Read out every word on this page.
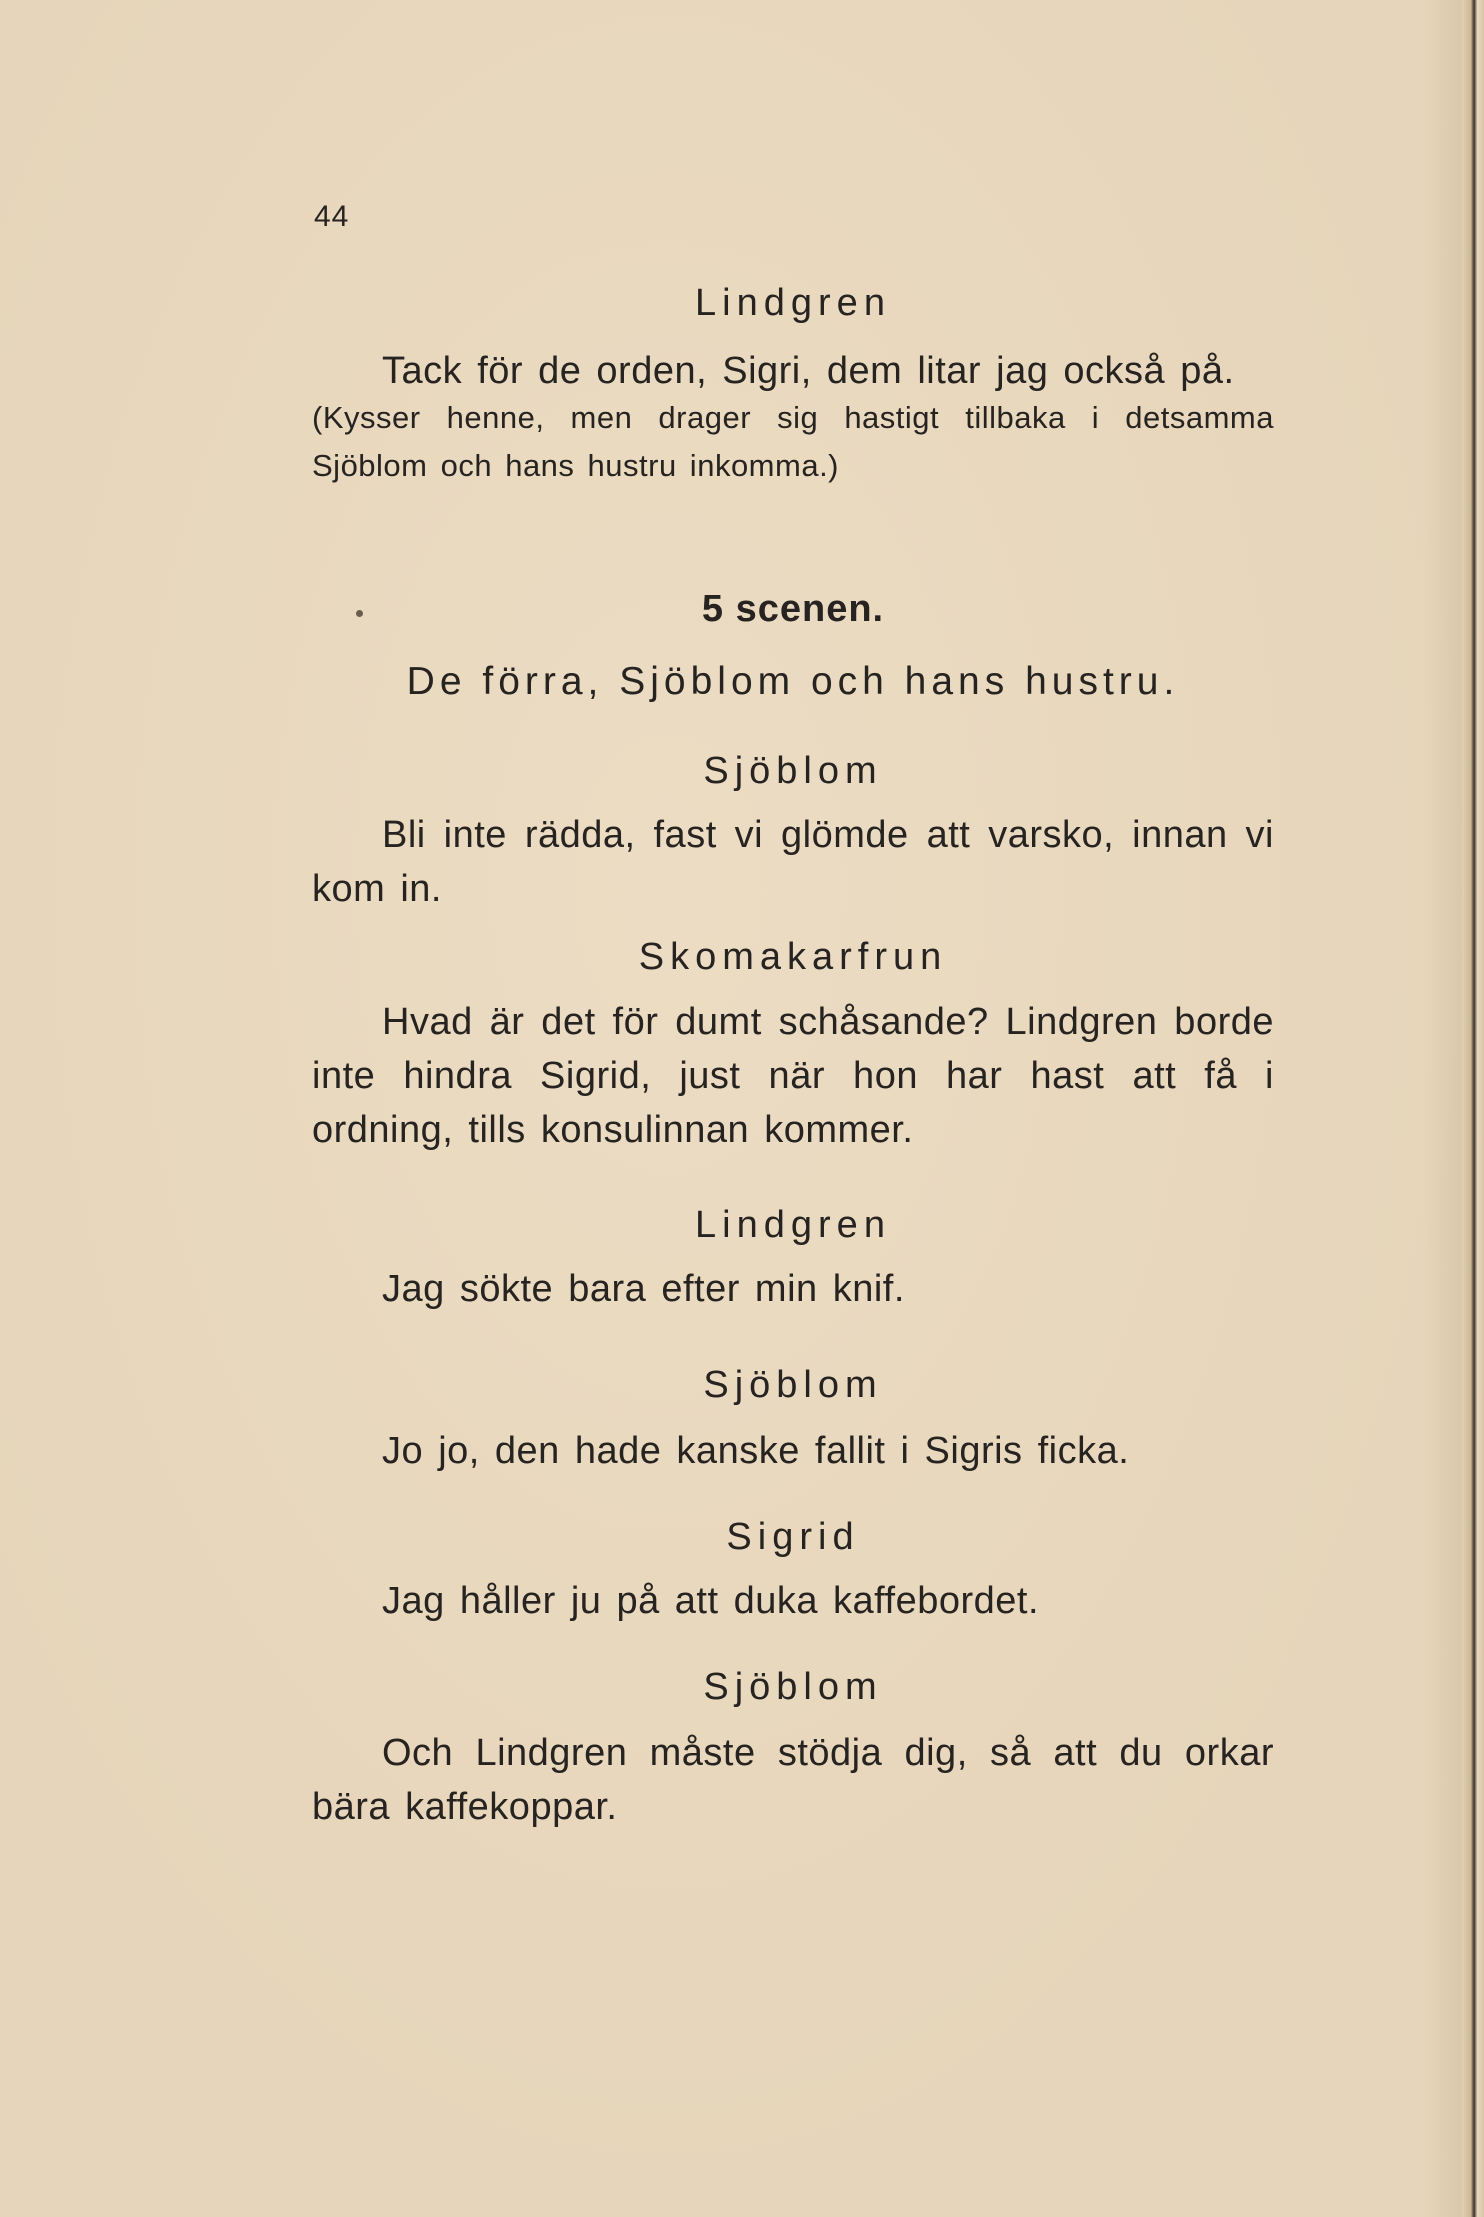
44
Lindgren
Tack för de orden, Sigri, dem litar jag också på.
(Kysser henne, men drager sig hastigt tillbaka i detsamma Sjöblom och hans hustru inkomma.)
5 scenen.
De förra, Sjöblom och hans hustru.
Sjöblom
Bli inte rädda, fast vi glömde att varsko, innan vi kom in.
Skomakarfrun
Hvad är det för dumt schåsande? Lindgren borde inte hindra Sigrid, just när hon har hast att få i ordning, tills konsulinnan kommer.
Lindgren
Jag sökte bara efter min knif.
Sjöblom
Jo jo, den hade kanske fallit i Sigris ficka.
Sigrid
Jag håller ju på att duka kaffebordet.
Sjöblom
Och Lindgren måste stödja dig, så att du orkar bära kaffekoppar.
